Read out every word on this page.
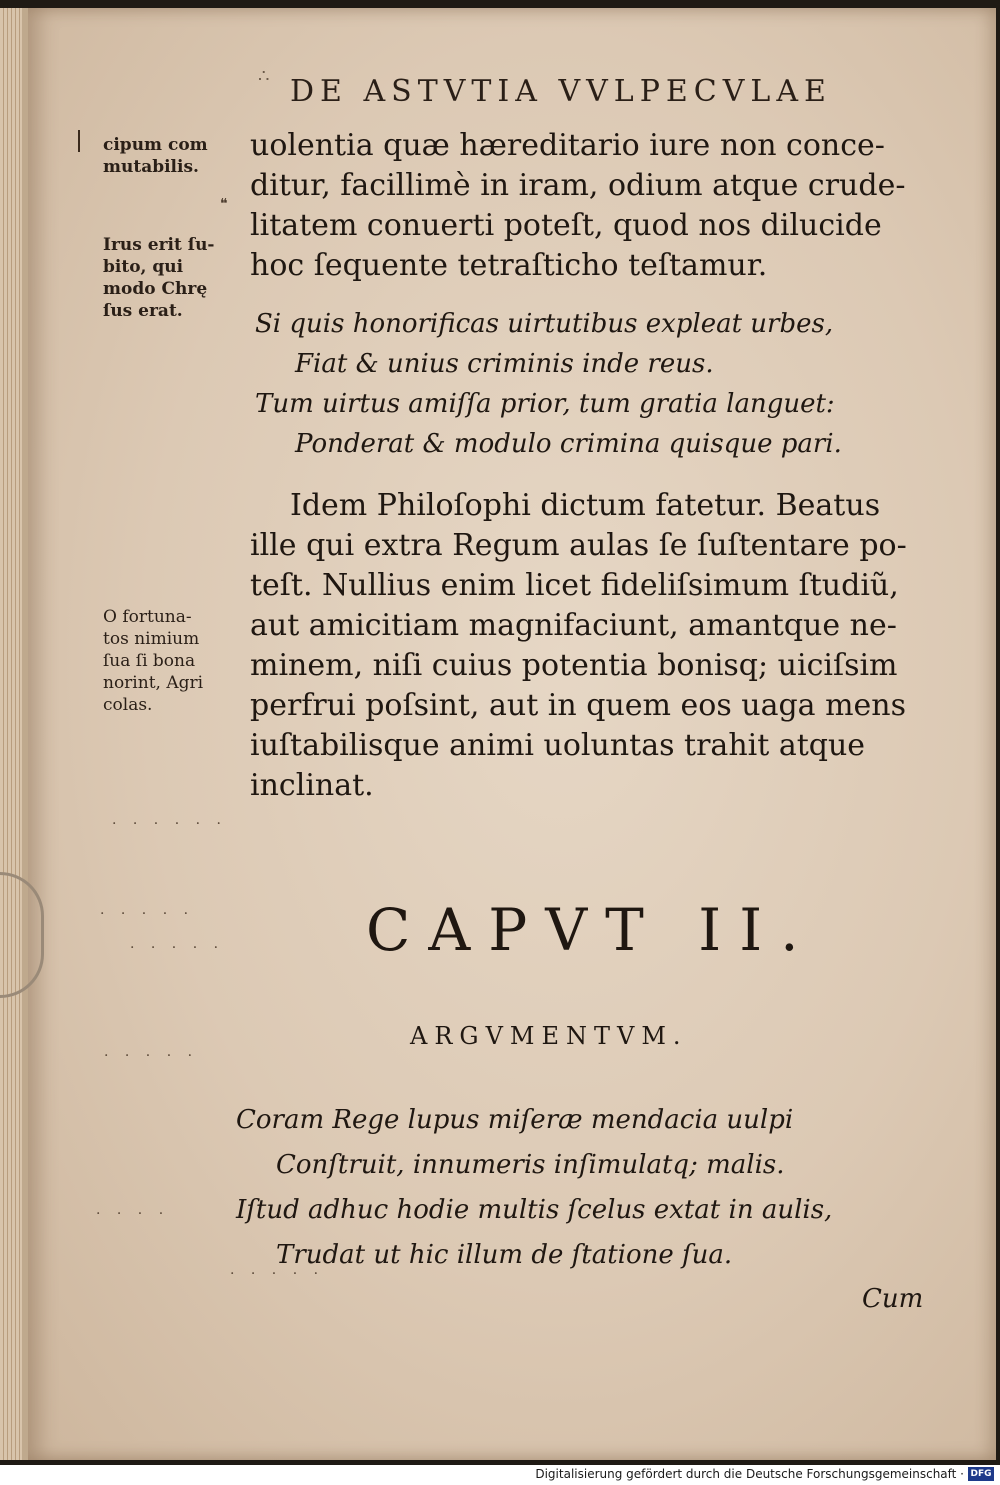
∴ DE ASTVTIA VVLPECVLAE
cipum com
mutabilis.
❝
Irus erit ſu-
bito, qui
modo Chrę
ſus erat.
O fortuna-
tos nimium
ſua ſi bona
norint, Agri
colas.
uolentia quæ hæreditario iure non conce-
ditur, facillimè in iram, odium atque crude-
litatem conuerti poteſt, quod nos dilucide
hoc ſequente tetraſticho teſtamur.
Si quis honorificas uirtutibus expleat urbes,
Fiat & unius criminis inde reus.
Tum uirtus amiſſa prior, tum gratia languet:
Ponderat & modulo crimina quisque pari.
Idem Philoſophi dictum fatetur. Beatus
ille qui extra Regum aulas ſe ſuſtentare po-
teſt. Nullius enim licet fideliſsimum ſtudiũ,
aut amicitiam magnifaciunt, amantque ne-
minem, niſi cuius potentia bonisq; uiciſsim
perfrui poſsint, aut in quem eos uaga mens
iuſtabilisque animi uoluntas trahit atque
inclinat.
· · · · · ·
· · · · ·
· · · · ·
· · · · ·
· · · ·
· · · · ·
CAPVT II.
ARGVMENTVM.
Coram Rege lupus miſeræ mendacia uulpi
Conſtruit, innumeris inſimulatq; malis.
Iſtud adhuc hodie multis ſcelus extat in aulis,
Trudat ut hic illum de ſtatione ſua.
Cum
Digitalisierung gefördert durch die Deutsche Forschungsgemeinschaft · DFG
